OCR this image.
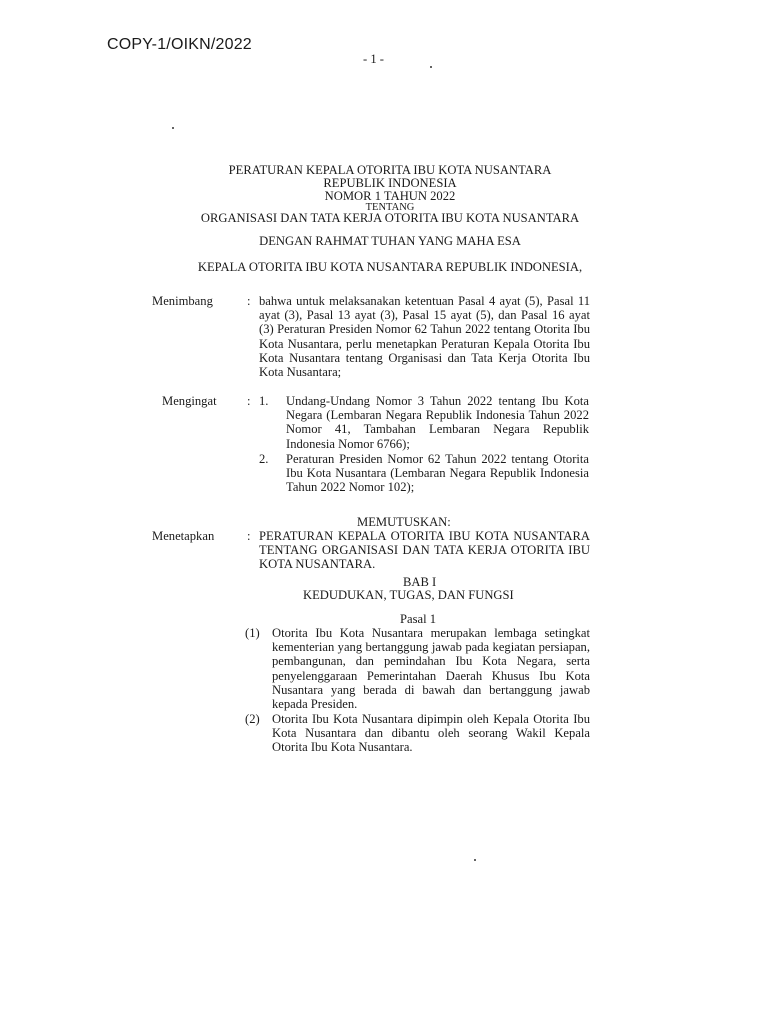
COPY-1/OIKN/2022
- 1 -
PERATURAN KEPALA OTORITA IBU KOTA NUSANTARA
REPUBLIK INDONESIA
NOMOR 1 TAHUN 2022
TENTANG
ORGANISASI DAN TATA KERJA OTORITA IBU KOTA NUSANTARA
DENGAN RAHMAT TUHAN YANG MAHA ESA
KEPALA OTORITA IBU KOTA NUSANTARA REPUBLIK INDONESIA,
Menimbang	: bahwa untuk melaksanakan ketentuan Pasal 4 ayat (5), Pasal 11 ayat (3), Pasal 13 ayat (3), Pasal 15 ayat (5), dan Pasal 16 ayat (3) Peraturan Presiden Nomor 62 Tahun 2022 tentang Otorita Ibu Kota Nusantara, perlu menetapkan Peraturan Kepala Otorita Ibu Kota Nusantara tentang Organisasi dan Tata Kerja Otorita Ibu Kota Nusantara;
Mengingat : 1. Undang-Undang Nomor 3 Tahun 2022 tentang Ibu Kota Negara (Lembaran Negara Republik Indonesia Tahun 2022 Nomor 41, Tambahan Lembaran Negara Republik Indonesia Nomor 6766);
2. Peraturan Presiden Nomor 62 Tahun 2022 tentang Otorita Ibu Kota Nusantara (Lembaran Negara Republik Indonesia Tahun 2022 Nomor 102);
MEMUTUSKAN:
Menetapkan	: PERATURAN KEPALA OTORITA IBU KOTA NUSANTARA TENTANG ORGANISASI DAN TATA KERJA OTORITA IBU KOTA NUSANTARA.
BAB I
KEDUDUKAN, TUGAS, DAN FUNGSI
Pasal 1
(1) Otorita Ibu Kota Nusantara merupakan lembaga setingkat kementerian yang bertanggung jawab pada kegiatan persiapan, pembangunan, dan pemindahan Ibu Kota Negara, serta penyelenggaraan Pemerintahan Daerah Khusus Ibu Kota Nusantara yang berada di bawah dan bertanggung jawab kepada Presiden.
(2) Otorita Ibu Kota Nusantara dipimpin oleh Kepala Otorita Ibu Kota Nusantara dan dibantu oleh seorang Wakil Kepala Otorita Ibu Kota Nusantara.
